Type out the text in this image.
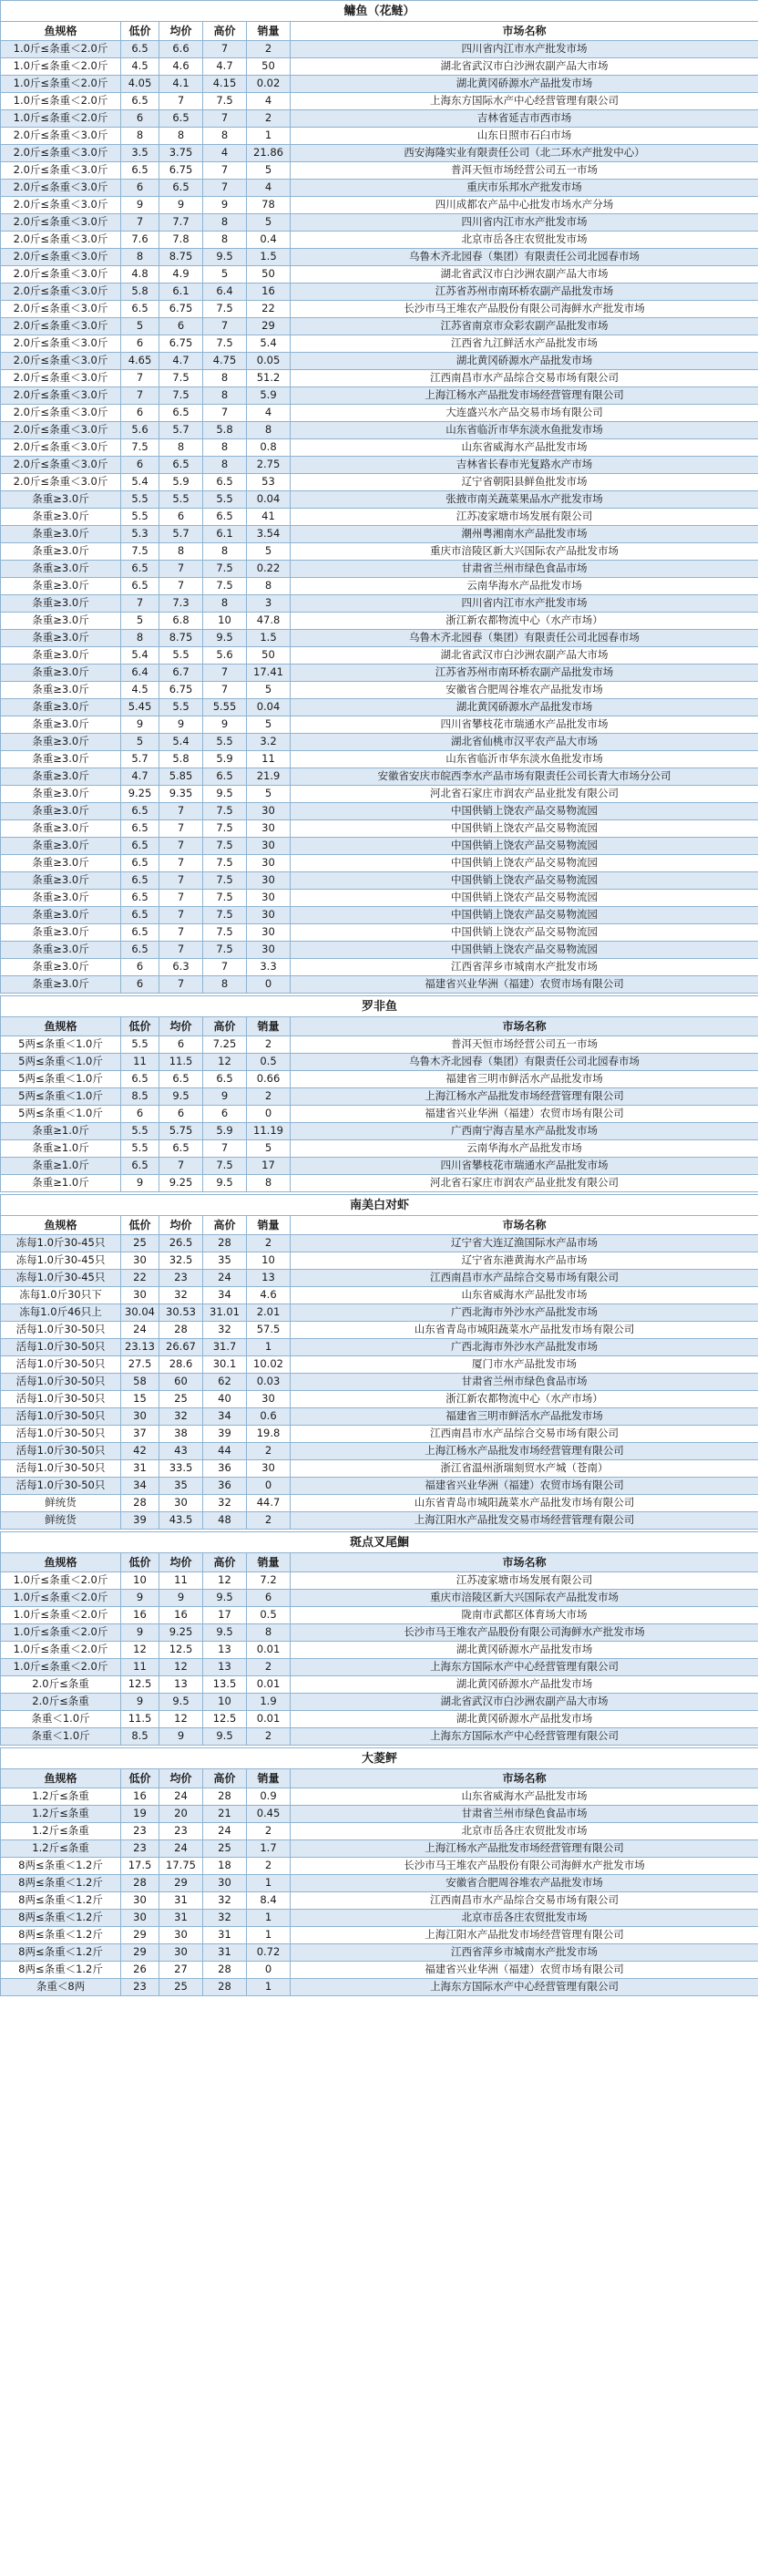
鳙鱼（花鲢）					
鱼规格	低价	均价	高价	销量	市场名称
1.0斤≤条重＜2.0斤	6.5	6.6	7	2	四川省内江市水产批发市场
1.0斤≤条重＜2.0斤	4.5	4.6	4.7	50	湖北省武汉市白沙洲农副产品大市场
1.0斤≤条重＜2.0斤	4.05	4.1	4.15	0.02	湖北黄冈硚源水产品批发市场
1.0斤≤条重＜2.0斤	6.5	7	7.5	4	上海东方国际水产中心经营管理有限公司
1.0斤≤条重＜2.0斤	6	6.5	7	2	吉林省延吉市西市场
2.0斤≤条重＜3.0斤	8	8	8	1	山东日照市石臼市场
2.0斤≤条重＜3.0斤	3.5	3.75	4	21.86	西安海隆实业有限责任公司（北二环水产批发中心）
2.0斤≤条重＜3.0斤	6.5	6.75	7	5	普洱天恒市场经营公司五一市场
2.0斤≤条重＜3.0斤	6	6.5	7	4	重庆市乐邦水产批发市场
2.0斤≤条重＜3.0斤	9	9	9	78	四川成都农产品中心批发市场水产分场
2.0斤≤条重＜3.0斤	7	7.7	8	5	四川省内江市水产批发市场
2.0斤≤条重＜3.0斤	7.6	7.8	8	0.4	北京市岳各庄农贸批发市场
2.0斤≤条重＜3.0斤	8	8.75	9.5	1.5	乌鲁木齐北园春（集团）有限责任公司北园春市场
2.0斤≤条重＜3.0斤	4.8	4.9	5	50	湖北省武汉市白沙洲农副产品大市场
2.0斤≤条重＜3.0斤	5.8	6.1	6.4	16	江苏省苏州市南环桥农副产品批发市场
2.0斤≤条重＜3.0斤	6.5	6.75	7.5	22	长沙市马王堆农产品股份有限公司海鲜水产批发市场
2.0斤≤条重＜3.0斤	5	6	7	29	江苏省南京市众彩农副产品批发市场
2.0斤≤条重＜3.0斤	6	6.75	7.5	5.4	江西省九江鲜活水产品批发市场
2.0斤≤条重＜3.0斤	4.65	4.7	4.75	0.05	湖北黄冈硚源水产品批发市场
2.0斤≤条重＜3.0斤	7	7.5	8	51.2	江西南昌市水产品综合交易市场有限公司
2.0斤≤条重＜3.0斤	7	7.5	8	5.9	上海江杨水产品批发市场经营管理有限公司
2.0斤≤条重＜3.0斤	6	6.5	7	4	大连盛兴水产品交易市场有限公司
2.0斤≤条重＜3.0斤	5.6	5.7	5.8	8	山东省临沂市华东淡水鱼批发市场
2.0斤≤条重＜3.0斤	7.5	8	8	0.8	山东省威海水产品批发市场
2.0斤≤条重＜3.0斤	6	6.5	8	2.75	吉林省长春市光复路水产市场
2.0斤≤条重＜3.0斤	5.4	5.9	6.5	53	辽宁省朝阳县鲜鱼批发市场
条重≥3.0斤	5.5	5.5	5.5	0.04	张掖市南关蔬菜果品水产批发市场
条重≥3.0斤	5.5	6	6.5	41	江苏凌家塘市场发展有限公司
条重≥3.0斤	5.3	5.7	6.1	3.54	潮州粤湘南水产品批发市场
条重≥3.0斤	7.5	8	8	5	重庆市涪陵区新大兴国际农产品批发市场
条重≥3.0斤	6.5	7	7.5	0.22	甘肃省兰州市绿色食品市场
条重≥3.0斤	6.5	7	7.5	8	云南华海水产品批发市场
条重≥3.0斤	7	7.3	8	3	四川省内江市水产批发市场
条重≥3.0斤	5	6.8	10	47.8	浙江新农都物流中心（水产市场）
条重≥3.0斤	8	8.75	9.5	1.5	乌鲁木齐北园春（集团）有限责任公司北园春市场
条重≥3.0斤	5.4	5.5	5.6	50	湖北省武汉市白沙洲农副产品大市场
条重≥3.0斤	6.4	6.7	7	17.41	江苏省苏州市南环桥农副产品批发市场
条重≥3.0斤	4.5	6.75	7	5	安徽省合肥周谷堆农产品批发市场
条重≥3.0斤	5.45	5.5	5.55	0.04	湖北黄冈硚源水产品批发市场
条重≥3.0斤	9	9	9	5	四川省攀枝花市瑞通水产品批发市场
条重≥3.0斤	5	5.4	5.5	3.2	湖北省仙桃市汉平农产品大市场
条重≥3.0斤	5.7	5.8	5.9	11	山东省临沂市华东淡水鱼批发市场
条重≥3.0斤	4.7	5.85	6.5	21.9	安徽省安庆市皖西李水产品市场有限责任公司长青大市场分公司
条重≥3.0斤	9.25	9.35	9.5	5	河北省石家庄市润农产品业批发有限公司
条重≥3.0斤	6.5	7	7.5	30	中国供销上饶农产品交易物流园
条重≥3.0斤	6.5	7	7.5	30	中国供销上饶农产品交易物流园
条重≥3.0斤	6.5	7	7.5	30	中国供销上饶农产品交易物流园
条重≥3.0斤	6.5	7	7.5	30	中国供销上饶农产品交易物流园
条重≥3.0斤	6.5	7	7.5	30	中国供销上饶农产品交易物流园
条重≥3.0斤	6.5	7	7.5	30	中国供销上饶农产品交易物流园
条重≥3.0斤	6.5	7	7.5	30	中国供销上饶农产品交易物流园
条重≥3.0斤	6.5	7	7.5	30	中国供销上饶农产品交易物流园
条重≥3.0斤	6.5	7	7.5	30	中国供销上饶农产品交易物流园
条重≥3.0斤	6	6.3	7	3.3	江西省萍乡市城南水产批发市场
条重≥3.0斤	6	7	8	0	福建省兴业华洲（福建）农贸市场有限公司
罗非鱼					
鱼规格	低价	均价	高价	销量	市场名称
5两≤条重＜1.0斤	5.5	6	7.25	2	普洱天恒市场经营公司五一市场
5两≤条重＜1.0斤	11	11.5	12	0.5	乌鲁木齐北园春（集团）有限责任公司北园春市场
5两≤条重＜1.0斤	6.5	6.5	6.5	0.66	福建省三明市鲜活水产品批发市场
5两≤条重＜1.0斤	8.5	9.5	9	2	上海江杨水产品批发市场经营管理有限公司
5两≤条重＜1.0斤	6	6	6	0	福建省兴业华洲（福建）农贸市场有限公司
条重≥1.0斤	5.5	5.75	5.9	11.19	广西南宁海吉星水产品批发市场
条重≥1.0斤	5.5	6.5	7	5	云南华海水产品批发市场
条重≥1.0斤	6.5	7	7.5	17	四川省攀枝花市瑞通水产品批发市场
条重≥1.0斤	9	9.25	9.5	8	河北省石家庄市润农产品业批发有限公司
南美白对虾					
鱼规格	低价	均价	高价	销量	市场名称
冻每1.0斤30-45只	25	26.5	28	2	辽宁省大连辽渔国际水产品市场
冻每1.0斤30-45只	30	32.5	35	10	辽宁省东港黄海水产品市场
冻每1.0斤30-45只	22	23	24	13	江西南昌市水产品综合交易市场有限公司
冻每1.0斤30只下	30	32	34	4.6	山东省威海水产品批发市场
冻每1.0斤46只上	30.04	30.53	31.01	2.01	广西北海市外沙水产品批发市场
活每1.0斤30-50只	24	28	32	57.5	山东省青岛市城阳蔬菜水产品批发市场有限公司
活每1.0斤30-50只	23.13	26.67	31.7	1	广西北海市外沙水产品批发市场
活每1.0斤30-50只	27.5	28.6	30.1	10.02	厦门市水产品批发市场
活每1.0斤30-50只	58	60	62	0.03	甘肃省兰州市绿色食品市场
活每1.0斤30-50只	15	25	40	30	浙江新农都物流中心（水产市场）
活每1.0斤30-50只	30	32	34	0.6	福建省三明市鲜活水产品批发市场
活每1.0斤30-50只	37	38	39	19.8	江西南昌市水产品综合交易市场有限公司
活每1.0斤30-50只	42	43	44	2	上海江杨水产品批发市场经营管理有限公司
活每1.0斤30-50只	31	33.5	36	30	浙江省温州浙瑞刻贸水产城（苍南）
活每1.0斤30-50只	34	35	36	0	福建省兴业华洲（福建）农贸市场有限公司
鲜统货	28	30	32	44.7	山东省青岛市城阳蔬菜水产品批发市场有限公司
鲜统货	39	43.5	48	2	上海江阳水产品批发交易市场经营管理有限公司
斑点叉尾鮰					
鱼规格	低价	均价	高价	销量	市场名称
1.0斤≤条重＜2.0斤	10	11	12	7.2	江苏凌家塘市场发展有限公司
1.0斤≤条重＜2.0斤	9	9	9.5	6	重庆市涪陵区新大兴国际农产品批发市场
1.0斤≤条重＜2.0斤	16	16	17	0.5	陇南市武都区体育场大市场
1.0斤≤条重＜2.0斤	9	9.25	9.5	8	长沙市马王堆农产品股份有限公司海鲜水产批发市场
1.0斤≤条重＜2.0斤	12	12.5	13	0.01	湖北黄冈硚源水产品批发市场
1.0斤≤条重＜2.0斤	11	12	13	2	上海东方国际水产中心经营管理有限公司
2.0斤≤条重	12.5	13	13.5	0.01	湖北黄冈硚源水产品批发市场
2.0斤≤条重	9	9.5	10	1.9	湖北省武汉市白沙洲农副产品大市场
条重＜1.0斤	11.5	12	12.5	0.01	湖北黄冈硚源水产品批发市场
条重＜1.0斤	8.5	9	9.5	2	上海东方国际水产中心经营管理有限公司
大菱鲆					
鱼规格	低价	均价	高价	销量	市场名称
1.2斤≤条重	16	24	28	0.9	山东省威海水产品批发市场
1.2斤≤条重	19	20	21	0.45	甘肃省兰州市绿色食品市场
1.2斤≤条重	23	23	24	2	北京市岳各庄农贸批发市场
1.2斤≤条重	23	24	25	1.7	上海江杨水产品批发市场经营管理有限公司
8两≤条重＜1.2斤	17.5	17.75	18	2	长沙市马王堆农产品股份有限公司海鲜水产批发市场
8两≤条重＜1.2斤	28	29	30	1	安徽省合肥周谷堆农产品批发市场
8两≤条重＜1.2斤	30	31	32	8.4	江西南昌市水产品综合交易市场有限公司
8两≤条重＜1.2斤	30	31	32	1	北京市岳各庄农贸批发市场
8两≤条重＜1.2斤	29	30	31	1	上海江阳水产品批发市场经营管理有限公司
8两≤条重＜1.2斤	29	30	31	0.72	江西省萍乡市城南水产批发市场
8两≤条重＜1.2斤	26	27	28	0	福建省兴业华洲（福建）农贸市场有限公司
条重＜8两	23	25	28	1	上海东方国际水产中心经营管理有限公司
